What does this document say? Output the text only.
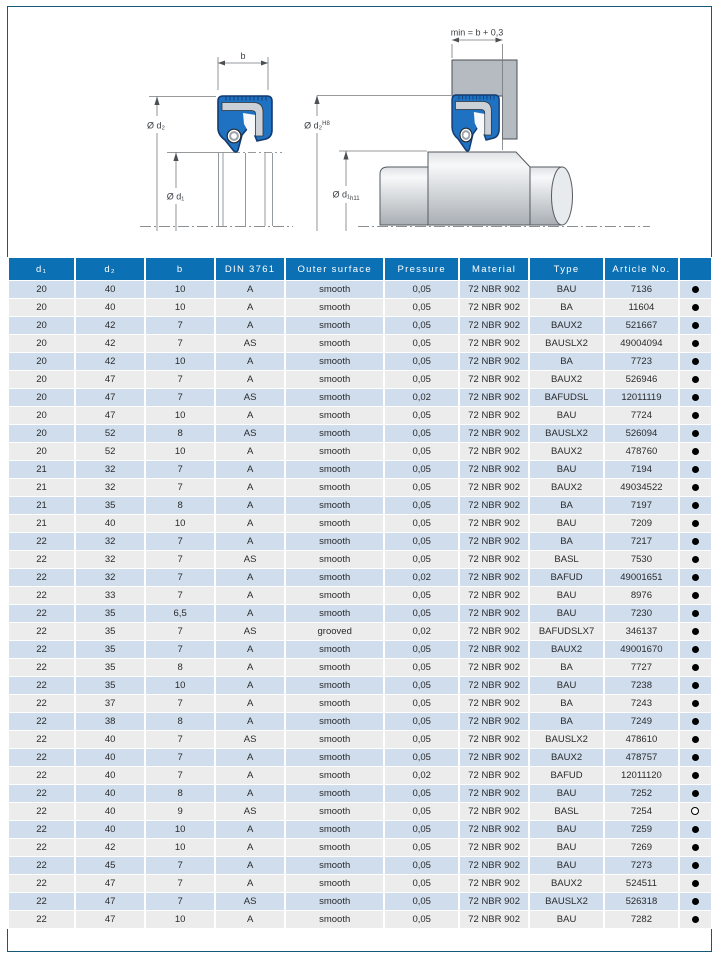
b
Ø d₂
Ø d₁
min = b + 0,3
Ø d₂$^{H8}$
Ø $d_1_{h11}$
d₁	d₂	b	DIN 3761	Outer surface	Pressure	Material	Type	Article No.	
20	40	10	A	smooth	0,05	72 NBR 902	BAU	7136	
20	40	10	A	smooth	0,05	72 NBR 902	BA	11604	
20	42	7	A	smooth	0,05	72 NBR 902	BAUX2	521667	
20	42	7	AS	smooth	0,05	72 NBR 902	BAUSLX2	49004094	
20	42	10	A	smooth	0,05	72 NBR 902	BA	7723	
20	47	7	A	smooth	0,05	72 NBR 902	BAUX2	526946	
20	47	7	AS	smooth	0,02	72 NBR 902	BAFUDSL	12011119	
20	47	10	A	smooth	0,05	72 NBR 902	BAU	7724	
20	52	8	AS	smooth	0,05	72 NBR 902	BAUSLX2	526094	
20	52	10	A	smooth	0,05	72 NBR 902	BAUX2	478760	
21	32	7	A	smooth	0,05	72 NBR 902	BAU	7194	
21	32	7	A	smooth	0,05	72 NBR 902	BAUX2	49034522	
21	35	8	A	smooth	0,05	72 NBR 902	BA	7197	
21	40	10	A	smooth	0,05	72 NBR 902	BAU	7209	
22	32	7	A	smooth	0,05	72 NBR 902	BA	7217	
22	32	7	AS	smooth	0,05	72 NBR 902	BASL	7530	
22	32	7	A	smooth	0,02	72 NBR 902	BAFUD	49001651	
22	33	7	A	smooth	0,05	72 NBR 902	BAU	8976	
22	35	6,5	A	smooth	0,05	72 NBR 902	BAU	7230	
22	35	7	AS	grooved	0,02	72 NBR 902	BAFUDSLX7	346137	
22	35	7	A	smooth	0,05	72 NBR 902	BAUX2	49001670	
22	35	8	A	smooth	0,05	72 NBR 902	BA	7727	
22	35	10	A	smooth	0,05	72 NBR 902	BAU	7238	
22	37	7	A	smooth	0,05	72 NBR 902	BA	7243	
22	38	8	A	smooth	0,05	72 NBR 902	BA	7249	
22	40	7	AS	smooth	0,05	72 NBR 902	BAUSLX2	478610	
22	40	7	A	smooth	0,05	72 NBR 902	BAUX2	478757	
22	40	7	A	smooth	0,02	72 NBR 902	BAFUD	12011120	
22	40	8	A	smooth	0,05	72 NBR 902	BAU	7252	
22	40	9	AS	smooth	0,05	72 NBR 902	BASL	7254	
22	40	10	A	smooth	0,05	72 NBR 902	BAU	7259	
22	42	10	A	smooth	0,05	72 NBR 902	BAU	7269	
22	45	7	A	smooth	0,05	72 NBR 902	BAU	7273	
22	47	7	A	smooth	0,05	72 NBR 902	BAUX2	524511	
22	47	7	AS	smooth	0,05	72 NBR 902	BAUSLX2	526318	
22	47	10	A	smooth	0,05	72 NBR 902	BAU	7282	
